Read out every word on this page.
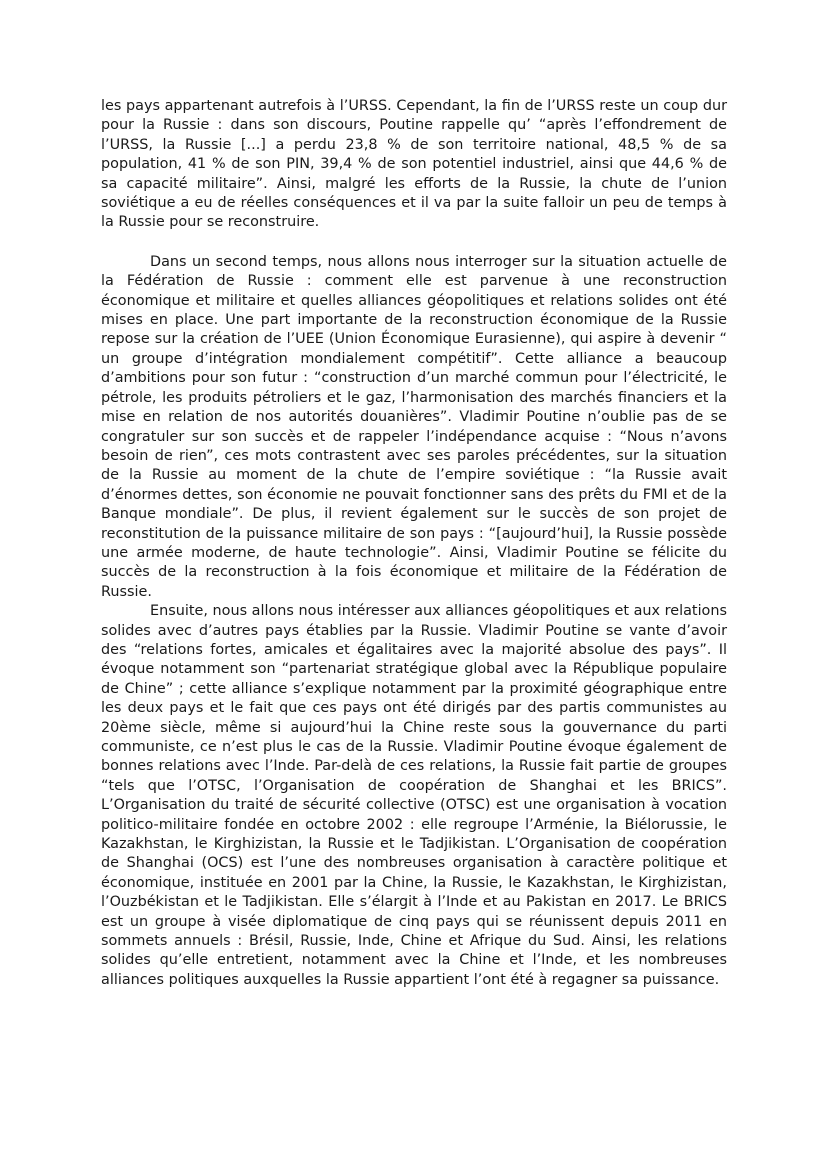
les pays appartenant autrefois à l’URSS. Cependant, la fin de l’URSS reste un coup dur pour la Russie : dans son discours, Poutine rappelle qu’ “après l’effondrement de l’URSS, la Russie [...] a perdu 23,8 % de son territoire national, 48,5 % de sa population, 41 % de son PIN, 39,4 % de son potentiel industriel, ainsi que 44,6 % de sa capacité militaire”. Ainsi, malgré les efforts de la Russie, la chute de l’union soviétique a eu de réelles conséquences et il va par la suite falloir un peu de temps à la Russie pour se reconstruire.

Dans un second temps, nous allons nous interroger sur la situation actuelle de la Fédération de Russie : comment elle est parvenue à une reconstruction économique et militaire et quelles alliances géopolitiques et relations solides ont été mises en place. Une part importante de la reconstruction économique de la Russie repose sur la création de l’UEE (Union Économique Eurasienne), qui aspire à devenir “ un groupe d’intégration mondialement compétitif”. Cette alliance a beaucoup d’ambitions pour son futur : “construction d’un marché commun pour l’électricité, le pétrole, les produits pétroliers et le gaz, l’harmonisation des marchés financiers et la mise en relation de nos autorités douanières”. Vladimir Poutine n’oublie pas de se congratuler sur son succès et de rappeler l’indépendance acquise : “Nous n’avons besoin de rien”, ces mots contrastent avec ses paroles précédentes, sur la situation de la Russie au moment de la chute de l’empire soviétique : “la Russie avait d’énormes dettes, son économie ne pouvait fonctionner sans des prêts du FMI et de la Banque mondiale”. De plus, il revient également sur le succès de son projet de reconstitution de la puissance militaire de son pays : “[aujourd’hui], la Russie possède une armée moderne, de haute technologie”. Ainsi, Vladimir Poutine se félicite du succès de la reconstruction à la fois économique et militaire de la Fédération de Russie.

Ensuite, nous allons nous intéresser aux alliances géopolitiques et aux relations solides avec d’autres pays établies par la Russie. Vladimir Poutine se vante d’avoir des “relations fortes, amicales et égalitaires avec la majorité absolue des pays”. Il évoque notamment son “partenariat stratégique global avec la République populaire de Chine” ; cette alliance s’explique notamment par la proximité géographique entre les deux pays et le fait que ces pays ont été dirigés par des partis communistes au 20ème siècle, même si aujourd’hui la Chine reste sous la gouvernance du parti communiste, ce n’est plus le cas de la Russie. Vladimir Poutine évoque également de bonnes relations avec l’Inde. Par-delà de ces relations, la Russie fait partie de groupes “tels que l’OTSC, l’Organisation de coopération de Shanghai et les BRICS”. L’Organisation du traité de sécurité collective (OTSC) est une organisation à vocation politico-militaire fondée en octobre 2002 : elle regroupe l’Arménie, la Biélorussie, le Kazakhstan, le Kirghizistan, la Russie et le Tadjikistan. L’Organisation de coopération de Shanghai (OCS) est l’une des nombreuses organisation à caractère politique et économique, instituée en 2001 par la Chine, la Russie, le Kazakhstan, le Kirghizistan, l’Ouzbékistan et le Tadjikistan. Elle s’élargit à l’Inde et au Pakistan en 2017. Le BRICS est un groupe à visée diplomatique de cinq pays qui se réunissent depuis 2011 en sommets annuels : Brésil, Russie, Inde, Chine et Afrique du Sud. Ainsi, les relations solides qu’elle entretient, notamment avec la Chine et l’Inde, et les nombreuses alliances politiques auxquelles la Russie appartient l’ont été à regagner sa puissance.
